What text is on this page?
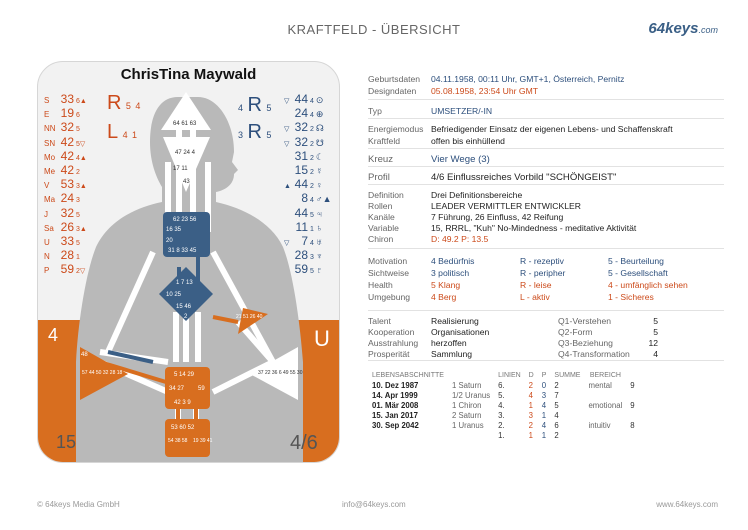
KRAFTFELD - ÜBERSICHT	64keys.com
64 61 63
47 24 4
17 11
43
62 23 56
16 35
20
31 8 33 45
1 7 13
10 25
15 46
2	21 51 26 40
48
57 44 50 32 28 18	37 22 36 6 49 55 30
5 14 29
34 27 59
42 3 9
53 60 52
54 38 58 19 39 41
ChrisTina Maywald
R 5 4
L 4 1
4 R 5
3 R 5
S 33 6▲
E 19 6
NN 32 5
SN 42 5▽
Mo 42 4▲
Me 42 2
V 53 3▲
Ma 24 3
J 32 5
Sa 26 3▲
U 33 5
N 28 1
P 59 2▽
▽ 44 4 ⊙
24 4 ⊕
▽ 32 2 ☊
▽ 32 2 ☋
31 2 ☾
15 2 ☿
▲ 44 2 ♀
8 4 ♂▲
44 5 ♃
11 1 ♄
▽ 7 4 ♅
28 3 ♆
59 5 ♇
4	U
15	4/6
Geburtsdaten 04.11.1958, 00:11 Uhr, GMT+1, Österreich, Pernitz
Designdaten 05.08.1958, 23:54 Uhr GMT
Typ	UMSETZER/-IN
Energiemodus Befriedigender Einsatz der eigenen Lebens- und Schaffenskraft
Kraftfeld	offen bis einhüllend
Kreuz	Vier Wege (3)
Profil	4/6 Einflussreiches Vorbild "SCHÖNGEIST"
Definition	Drei Definitionsbereiche
Rollen	LEADER VERMITTLER ENTWICKLER
Kanäle	7 Führung, 26 Einfluss, 42 Reifung
Variable	15, RRRL, "Kuh" No-Mindedness - meditative Aktivität
Chiron	D: 49.2 P: 13.5
Motivation	4 Bedürfnis	R - rezeptiv	5 - Beurteilung
Sichtweise	3 politisch	R - peripher	5 - Gesellschaft
Health	5 Klang	R - leise	4 - umfänglich sehen
Umgebung 4 Berg	L - aktiv	1 - Sicheres
Talent	Realisierung	Q1-Verstehen	5
Kooperation Organisationen	Q2-Form	5
Ausstrahlung herzoffen	Q3-Beziehung	12
Prosperität Sammlung	Q4-Transformation	4
LEBENSABSCHNITTE		LINIEN	D	P	SUMME	BEREICH	
10. Dez 1987	1 Saturn	6.	2	0	2	mental	9
14. Apr 1999	1/2 Uranus	5.	4	3	7		
01. Mär 2008	1 Chiron	4.	1	4	5	emotional	9
15. Jan 2017	2 Saturn	3.	3	1	4		
30. Sep 2042	1 Uranus	2.	2	4	6	intuitiv	8
		1.	1	1	2		
© 64keys Media GmbH	info@64keys.com	www.64keys.com
